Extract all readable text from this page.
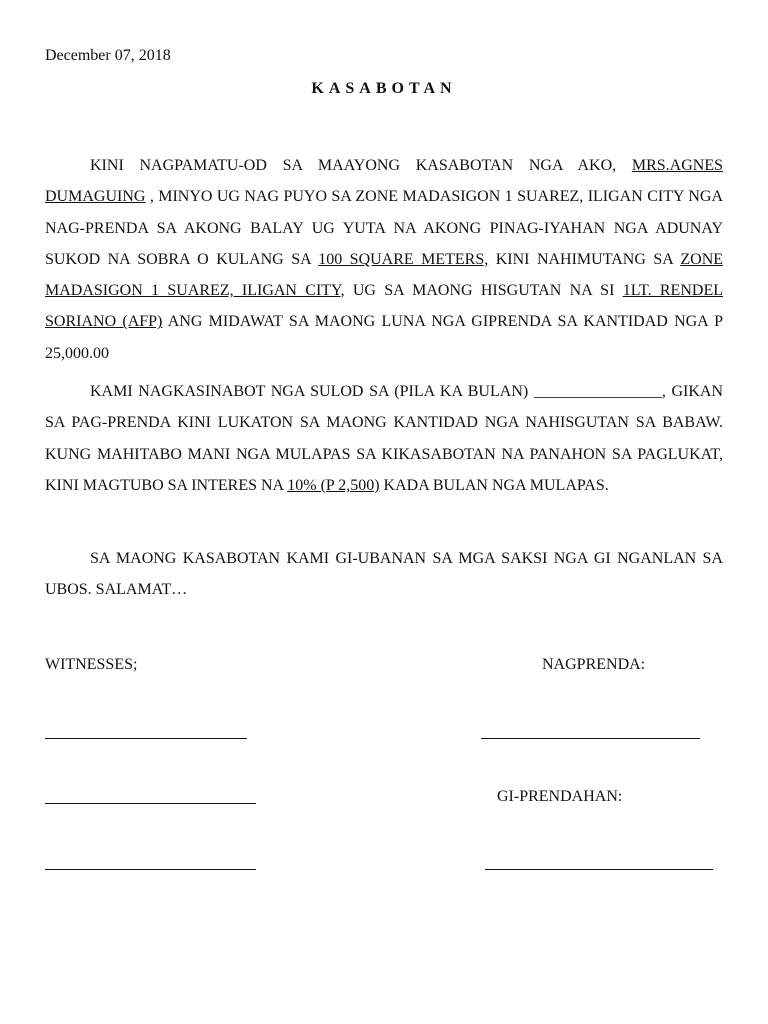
December 07, 2018
KASABOTAN
KINI NAGPAMATU-OD SA MAAYONG KASABOTAN NGA AKO, MRS.AGNES DUMAGUING , MINYO UG NAG PUYO SA ZONE MADASIGON 1 SUAREZ, ILIGAN CITY NGA NAG-PRENDA SA AKONG BALAY UG YUTA NA AKONG PINAG-IYAHAN NGA ADUNAY SUKOD NA SOBRA O KULANG SA 100 SQUARE METERS, KINI NAHIMUTANG SA ZONE MADASIGON 1 SUAREZ, ILIGAN CITY, UG SA MAONG HISGUTAN NA SI 1LT. RENDEL SORIANO (AFP) ANG MIDAWAT SA MAONG LUNA NGA GIPRENDA SA KANTIDAD NGA P 25,000.00
KAMI NAGKASINABOT NGA SULOD SA (PILA KA BULAN) ________________, GIKAN SA PAG-PRENDA KINI LUKATON SA MAONG KANTIDAD NGA NAHISGUTAN SA BABAW. KUNG MAHITABO MANI NGA MULAPAS SA KIKASABOTAN NA PANAHON SA PAGLUKAT, KINI MAGTUBO SA INTERES NA 10% (P 2,500) KADA BULAN NGA MULAPAS.
SA MAONG KASABOTAN KAMI GI-UBANAN SA MGA SAKSI NGA GI NGANLAN SA UBOS. SALAMAT…
WITNESSES;	NAGPRENDA:
GI-PRENDAHAN:
